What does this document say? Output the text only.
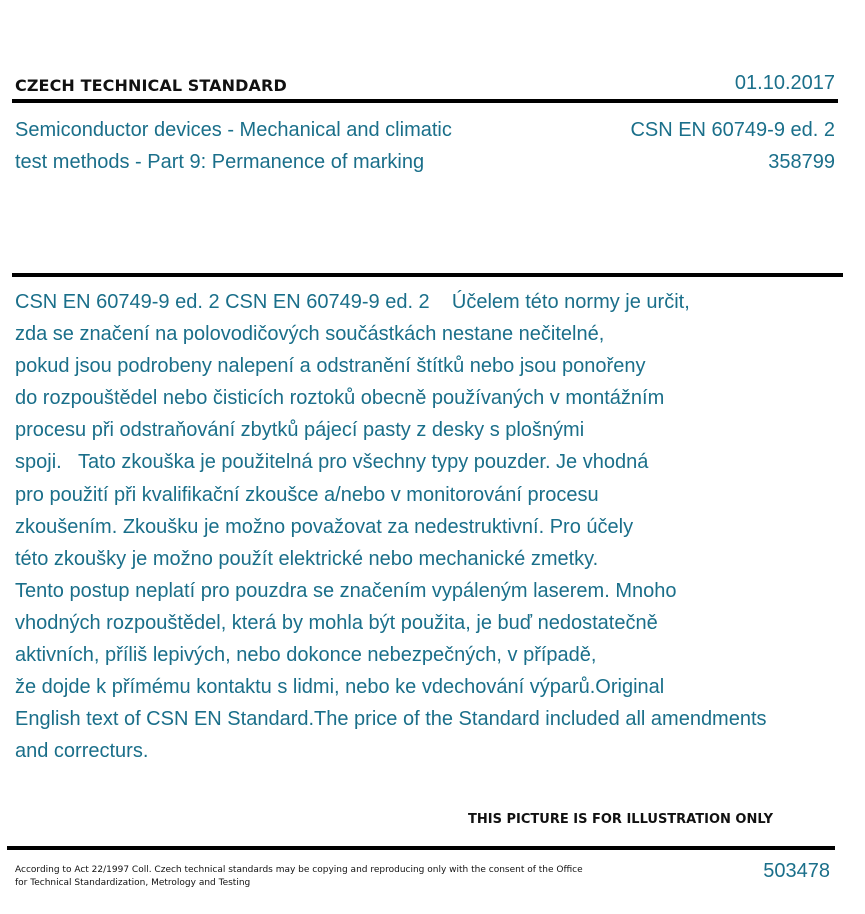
CZECH TECHNICAL STANDARD	01.10.2017
Semiconductor devices - Mechanical and climatic
test methods - Part 9: Permanence of marking
CSN EN 60749-9 ed. 2
358799
CSN EN 60749-9 ed. 2 CSN EN 60749-9 ed. 2    Účelem této normy je určit,
zda se značení na polovodičových součástkách nestane nečitelné,
pokud jsou podrobeny nalepení a odstranění štítků nebo jsou ponořeny
do rozpouštědel nebo čisticích roztoků obecně používaných v montážním
procesu při odstraňování zbytků pájecí pasty z desky s plošnými
spoji.   Tato zkouška je použitelná pro všechny typy pouzder. Je vhodná
pro použití při kvalifikační zkoušce a/nebo v monitorování procesu
zkoušením. Zkoušku je možno považovat za nedestruktivní. Pro účely
této zkoušky je možno použít elektrické nebo mechanické zmetky.
Tento postup neplatí pro pouzdra se značením vypáleným laserem. Mnoho
vhodných rozpouštědel, která by mohla být použita, je buď nedostatečně
aktivních, příliš lepivých, nebo dokonce nebezpečných, v případě,
že dojde k přímému kontaktu s lidmi, nebo ke vdechování výparů.Original
English text of CSN EN Standard.The price of the Standard included all amendments
and correcturs.
THIS PICTURE IS FOR ILLUSTRATION ONLY
According to Act 22/1997 Coll. Czech technical standards may be copying and reproducing only with the consent of the Office
for Technical Standardization, Metrology and Testing
503478
